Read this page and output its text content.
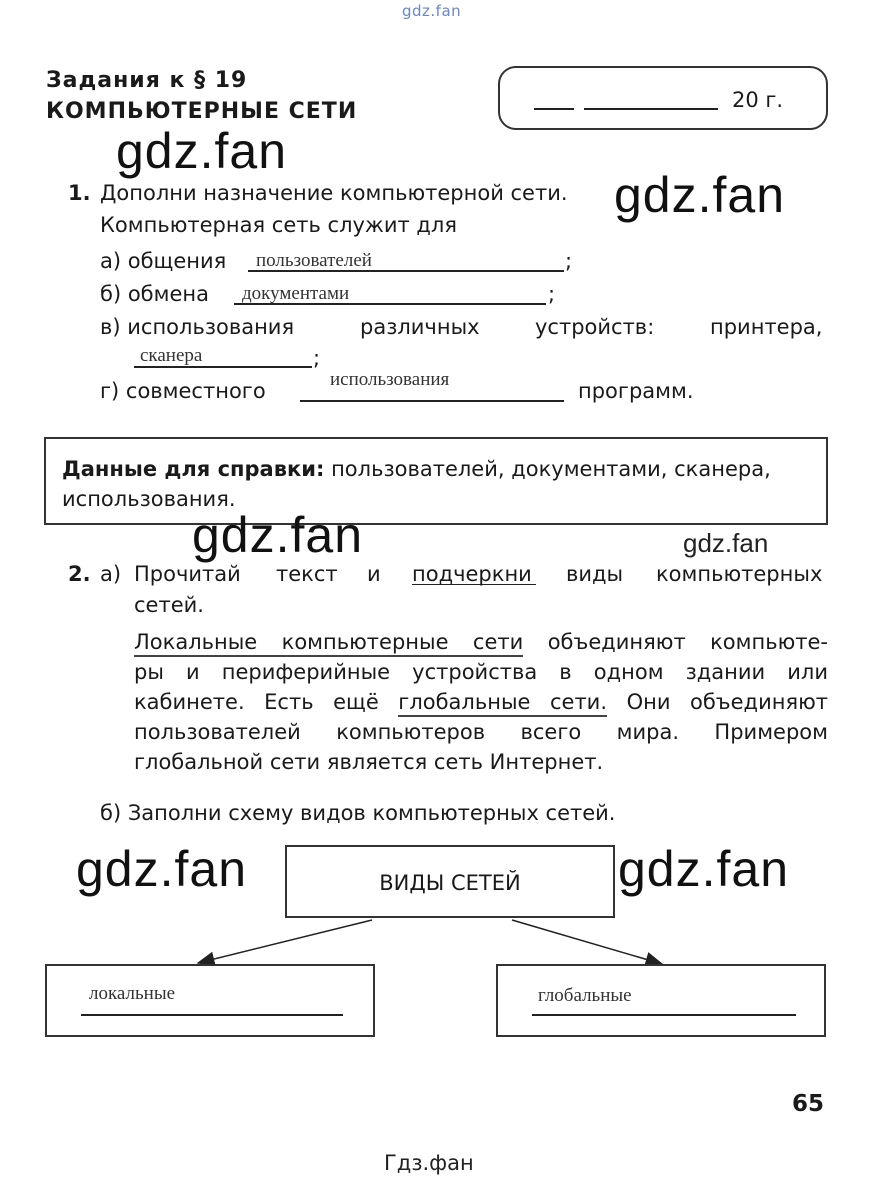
gdz.fan
Задания к § 19
КОМПЬЮТЕРНЫЕ СЕТИ	20 г.
gdz.fan
1. Дополни назначение компьютерной сети. gdz.fan
Компьютерная сеть служит для
а) общения пользователей	;
б) обмена документами	;
в) использования	различных	устройств:	принтера,
сканера	;
г) совместного	использования	программ.
Данные для справки: пользователей, документами, сканера,
использования.
gdz.fan	gdz.fan
2. а) Прочитай текст и подчеркни виды компьютерных
сетей.
Локальные компьютерные сети объединяют компьюте-
ры и периферийные устройства в одном здании или
кабинете. Есть ещё глобальные сети. Они объединяют
пользователей компьютеров всего мира. Примером
глобальной сети является сеть Интернет.
б) Заполни схему видов компьютерных сетей.
gdz.fan	gdz.fan
ВИДЫ СЕТЕЙ
локальные	глобальные
65
Гдз.фан
